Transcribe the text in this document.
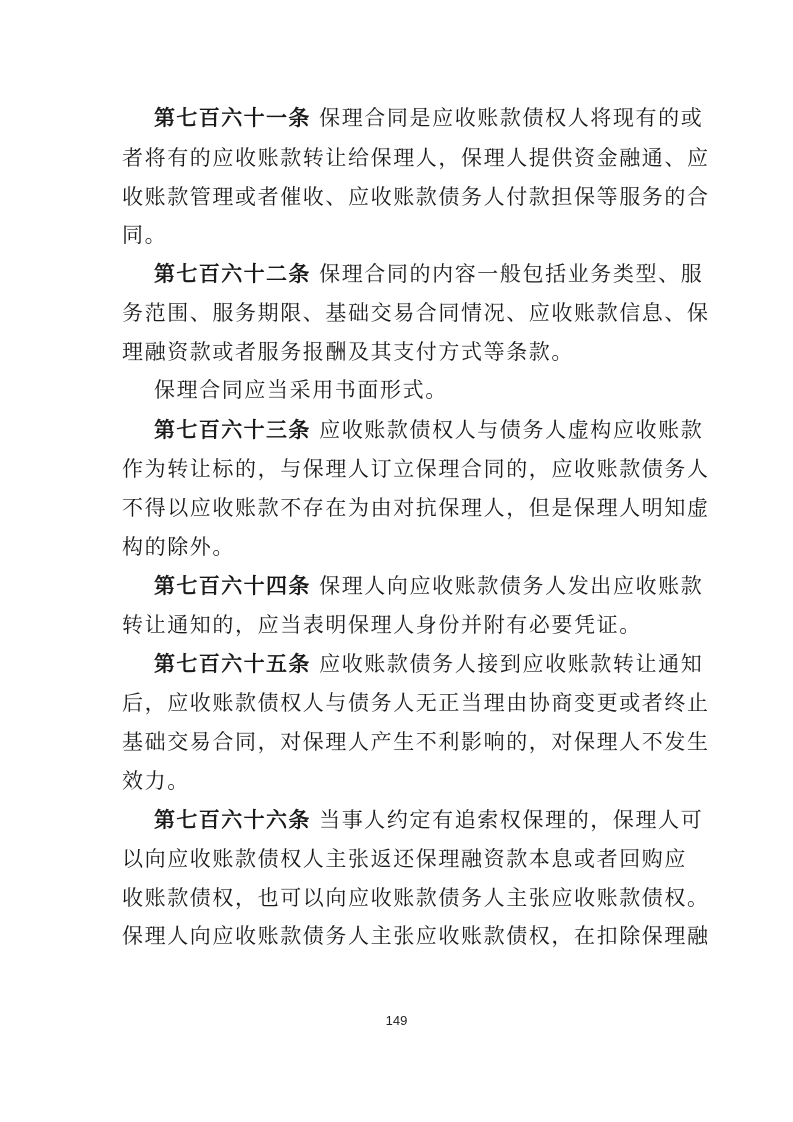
第七百六十一条 保理合同是应收账款债权人将现有的或
者将有的应收账款转让给保理人，保理人提供资金融通、应
收账款管理或者催收、应收账款债务人付款担保等服务的合
同。
第七百六十二条 保理合同的内容一般包括业务类型、服
务范围、服务期限、基础交易合同情况、应收账款信息、保
理融资款或者服务报酬及其支付方式等条款。
保理合同应当采用书面形式。
第七百六十三条 应收账款债权人与债务人虚构应收账款
作为转让标的，与保理人订立保理合同的，应收账款债务人
不得以应收账款不存在为由对抗保理人，但是保理人明知虚
构的除外。
第七百六十四条 保理人向应收账款债务人发出应收账款
转让通知的，应当表明保理人身份并附有必要凭证。
第七百六十五条 应收账款债务人接到应收账款转让通知
后，应收账款债权人与债务人无正当理由协商变更或者终止
基础交易合同，对保理人产生不利影响的，对保理人不发生
效力。
第七百六十六条 当事人约定有追索权保理的，保理人可
以向应收账款债权人主张返还保理融资款本息或者回购应
收账款债权，也可以向应收账款债务人主张应收账款债权。
保理人向应收账款债务人主张应收账款债权，在扣除保理融
149
